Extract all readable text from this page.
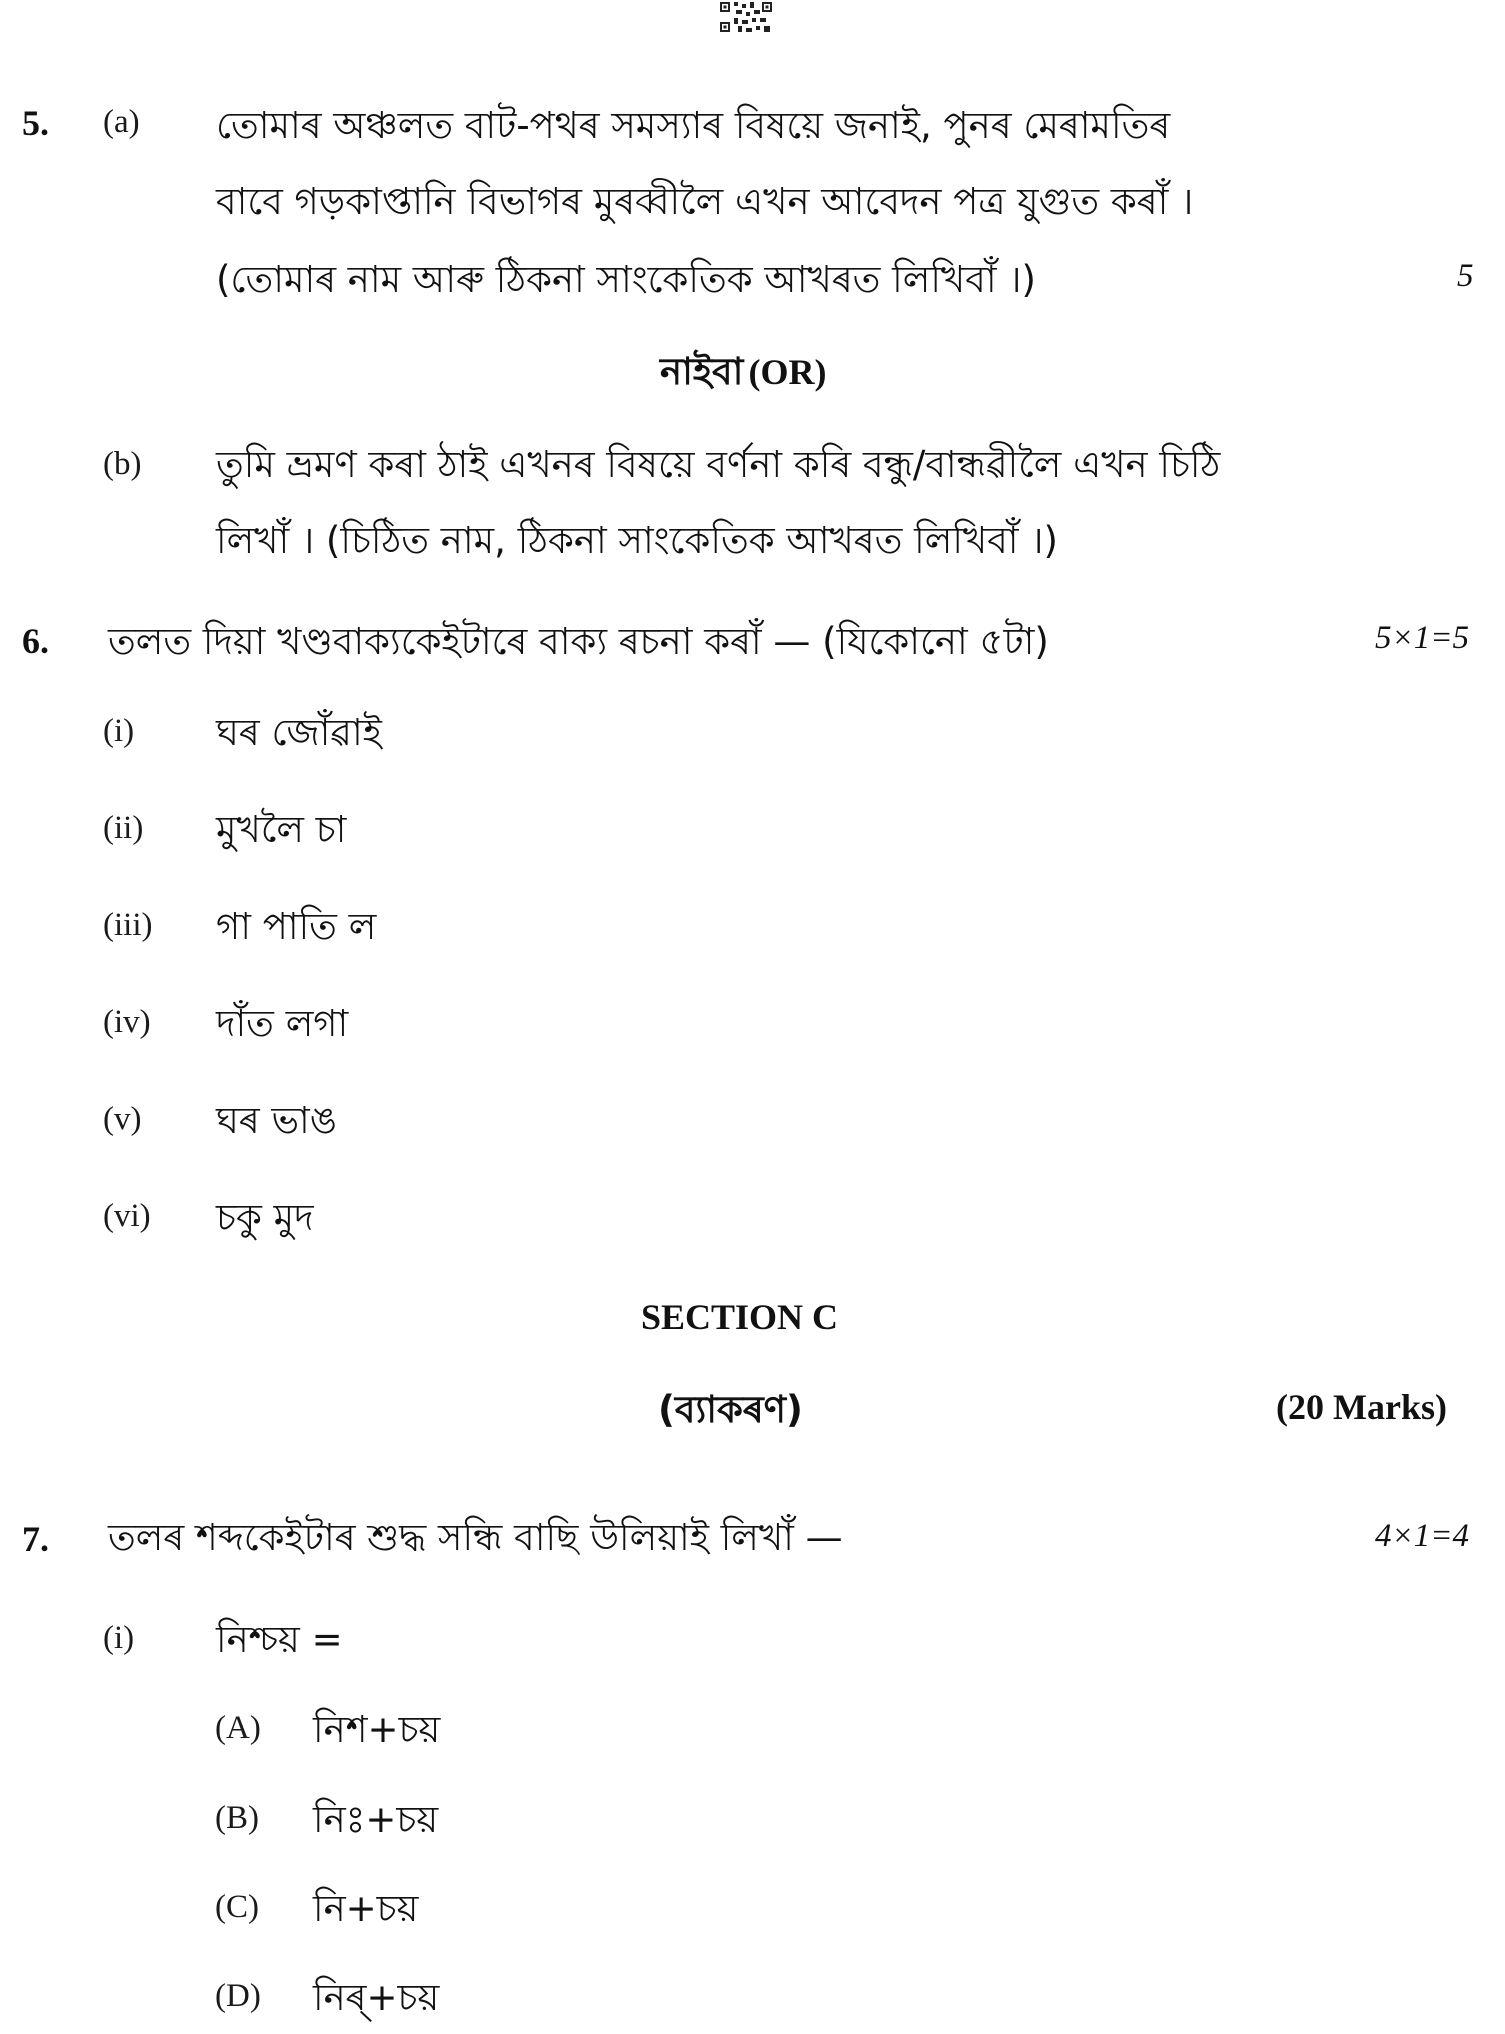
5. (a) তোমাৰ অঞ্চলত বাট-পথৰ সমস্যাৰ বিষয়ে জনাই, পুনৰ মেৰামতিৰ
বাবে গড়কাপ্তানি বিভাগৰ মুৰব্বীলৈ এখন আবেদন পত্ৰ যুগুত কৰাঁ ।
(তোমাৰ নাম আৰু ঠিকনা সাংকেতিক আখৰত লিখিবাঁ ।)	5
নাইবা (OR)
(b) তুমি ভ্ৰমণ কৰা ঠাই এখনৰ বিষয়ে বৰ্ণনা কৰি বন্ধু/বান্ধৱীলৈ এখন চিঠি
লিখাঁ । (চিঠিত নাম, ঠিকনা সাংকেতিক আখৰত লিখিবাঁ ।)
6. তলত দিয়া খণ্ডবাক্যকেইটাৰে বাক্য ৰচনা কৰাঁ — (যিকোনো ৫টা)	5×1=5
(i) ঘৰ জোঁৱাই
(ii) মুখলৈ চা
(iii) গা পাতি ল
(iv) দাঁত লগা
(v) ঘৰ ভাঙ
(vi) চকু মুদ
SECTION C
(ব্যাকৰণ)	(20 Marks)
7. তলৰ শব্দকেইটাৰ শুদ্ধ সন্ধি বাছি উলিয়াই লিখাঁ —	4×1=4
(i) নিশ্চয় =
(A) নিশ+চয়
(B) নিঃ+চয়
(C) নি+চয়
(D) নিৰ্+চয়
